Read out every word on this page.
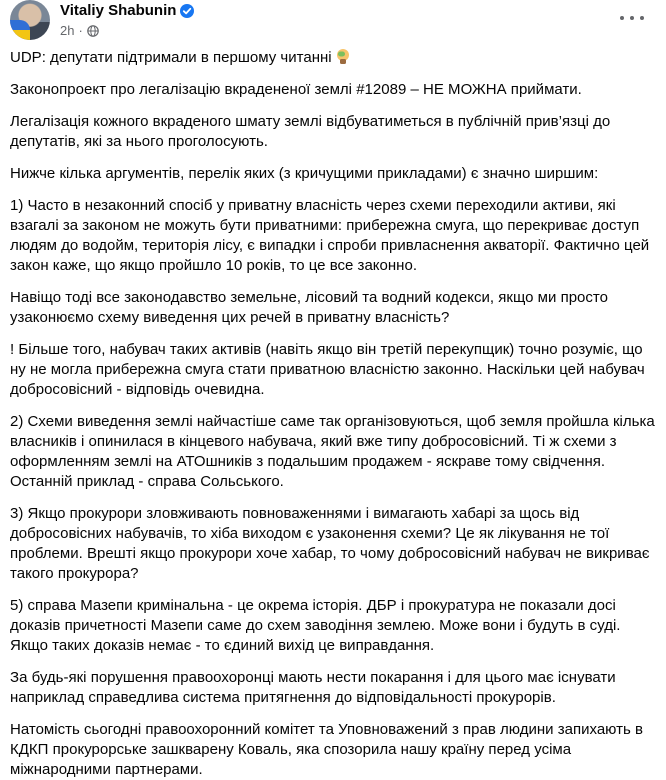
Vitaliy Shabunin
2h ·

UDP: депутати підтримали в першому читанні

Законопроект про легалізацію вкрадененої землі #12089 – НЕ МОЖНА приймати.

Легалізація кожного вкраденого шмату землі відбуватиметься в публічній прив’язці до депутатів, які за нього проголосують.

Нижче кілька аргументів, перелік яких (з кричущими прикладами) є значно ширшим:

1) Часто в незаконний спосіб у приватну власність через схеми переходили активи, які взагалі за законом не можуть бути приватними: прибережна смуга, що перекриває доступ людям до водойм, територія лісу, є випадки і спроби привласнення акваторії. Фактично цей закон каже, що якщо пройшло 10 років, то це все законно.

Навіщо тоді все законодавство земельне, лісовий та водний кодекси, якщо ми просто узаконюємо схему виведення цих речей в приватну власність?

! Більше того, набувач таких активів (навіть якщо він третій перекупщик) точно розуміє, що ну не могла прибережна смуга стати приватною власністю законно. Наскільки цей набувач добросовісний - відповідь очевидна.

2) Схеми виведення землі найчастіше саме так організовуються, щоб земля пройшла кілька власників і опинилася в кінцевого набувача, який вже типу добросовісний. Ті ж схеми з оформленням землі на АТОшників з подальшим продажем - яскраве тому свідчення. Останній приклад - справа Сольського.

3) Якщо прокурори зловживають повноваженнями і вимагають хабарі за щось від добросовісних набувачів, то хіба виходом є узаконення схеми? Це як лікування не тої проблеми. Врешті якщо прокурори хоче хабар, то чому добросовісний набувач не викриває такого прокурора?

5) справа Мазепи кримінальна - це окрема історія. ДБР і прокуратура не показали досі доказів причетності Мазепи саме до схем заводіння землею. Може вони і будуть в суді. Якщо таких доказів немає - то єдиний вихід це виправдання.

За будь-які порушення правоохоронці мають нести покарання і для цього має існувати наприклад справедлива система притягнення до відповідальності прокурорів.

Натомість сьогодні правоохоронний комітет та Уповноважений з прав людини запихають в КДКП прокурорське зашкварену Коваль, яка спозорила нашу країну перед усіма міжнародними партнерами.
